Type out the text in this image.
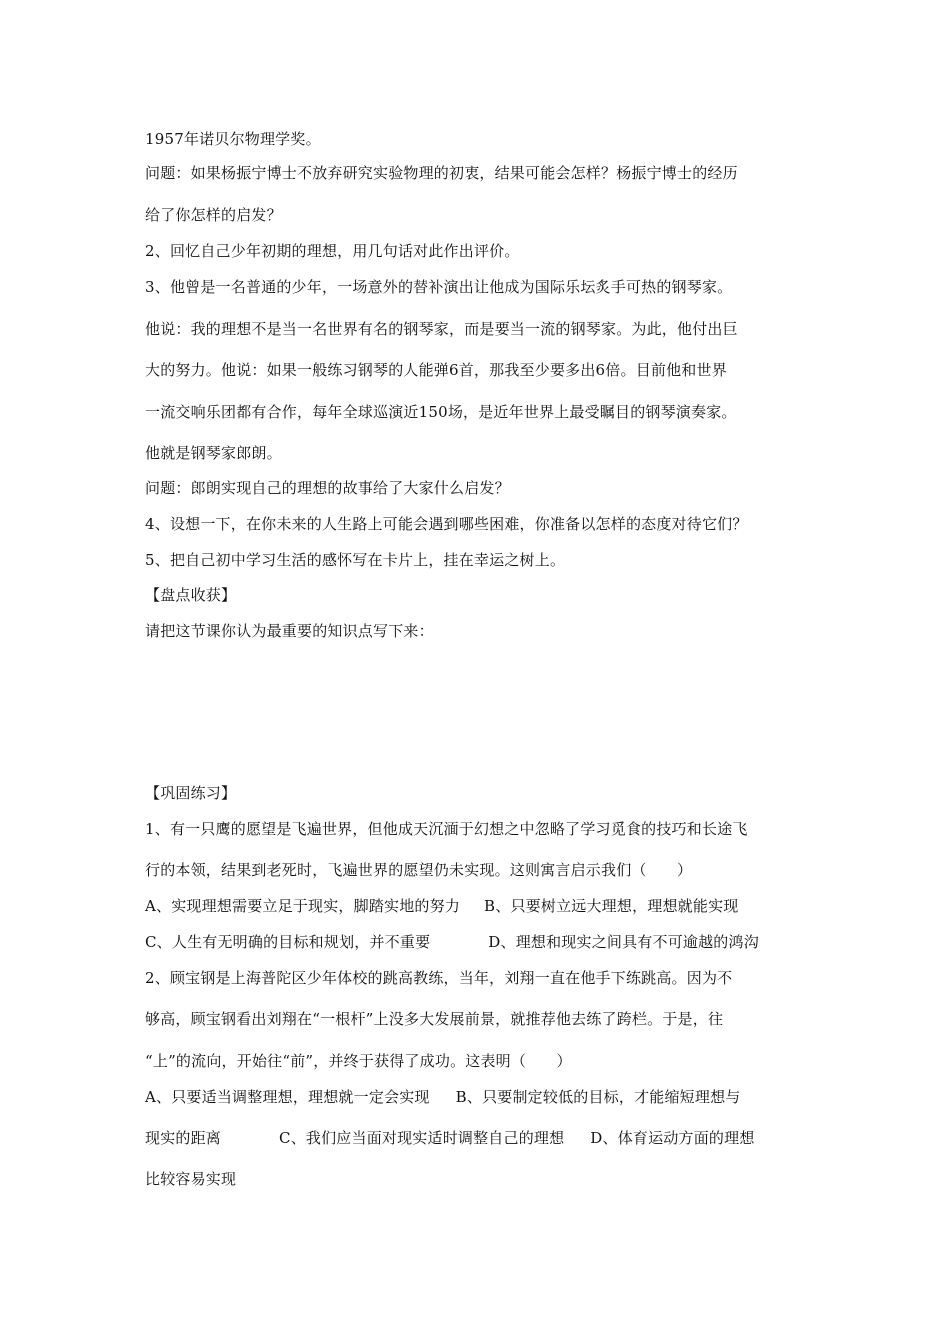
1957年诺贝尔物理学奖。
问题：如果杨振宁博士不放弃研究实验物理的初衷，结果可能会怎样？杨振宁博士的经历
给了你怎样的启发？
2、回忆自己少年初期的理想，用几句话对此作出评价。
3、他曾是一名普通的少年，一场意外的替补演出让他成为国际乐坛炙手可热的钢琴家。
他说：我的理想不是当一名世界有名的钢琴家，而是要当一流的钢琴家。为此，他付出巨
大的努力。他说：如果一般练习钢琴的人能弹6首，那我至少要多出6倍。目前他和世界
一流交响乐团都有合作，每年全球巡演近150场，是近年世界上最受瞩目的钢琴演奏家。
他就是钢琴家郎朗。
问题：郎朗实现自己的理想的故事给了大家什么启发？
4、设想一下，在你未来的人生路上可能会遇到哪些困难，你准备以怎样的态度对待它们？
5、把自己初中学习生活的感怀写在卡片上，挂在幸运之树上。
【盘点收获】
请把这节课你认为最重要的知识点写下来：
【巩固练习】
1、有一只鹰的愿望是飞遍世界，但他成天沉湎于幻想之中忽略了学习觅食的技巧和长途飞
行的本领，结果到老死时，飞遍世界的愿望仍未实现。这则寓言启示我们（　　）
A、实现理想需要立足于现实，脚踏实地的努力 B、只要树立远大理想，理想就能实现
C、人生有无明确的目标和规划，并不重要	D、理想和现实之间具有不可逾越的鸿沟
2、顾宝钢是上海普陀区少年体校的跳高教练，当年，刘翔一直在他手下练跳高。因为不
够高，顾宝钢看出刘翔在“一根杆”上没多大发展前景，就推荐他去练了跨栏。于是，往
“上”的流向，开始往“前”，并终于获得了成功。这表明（　　）
A、只要适当调整理想，理想就一定会实现 B、只要制定较低的目标，才能缩短理想与
现实的距离	C、我们应当面对现实适时调整自己的理想 D、体育运动方面的理想
比较容易实现
